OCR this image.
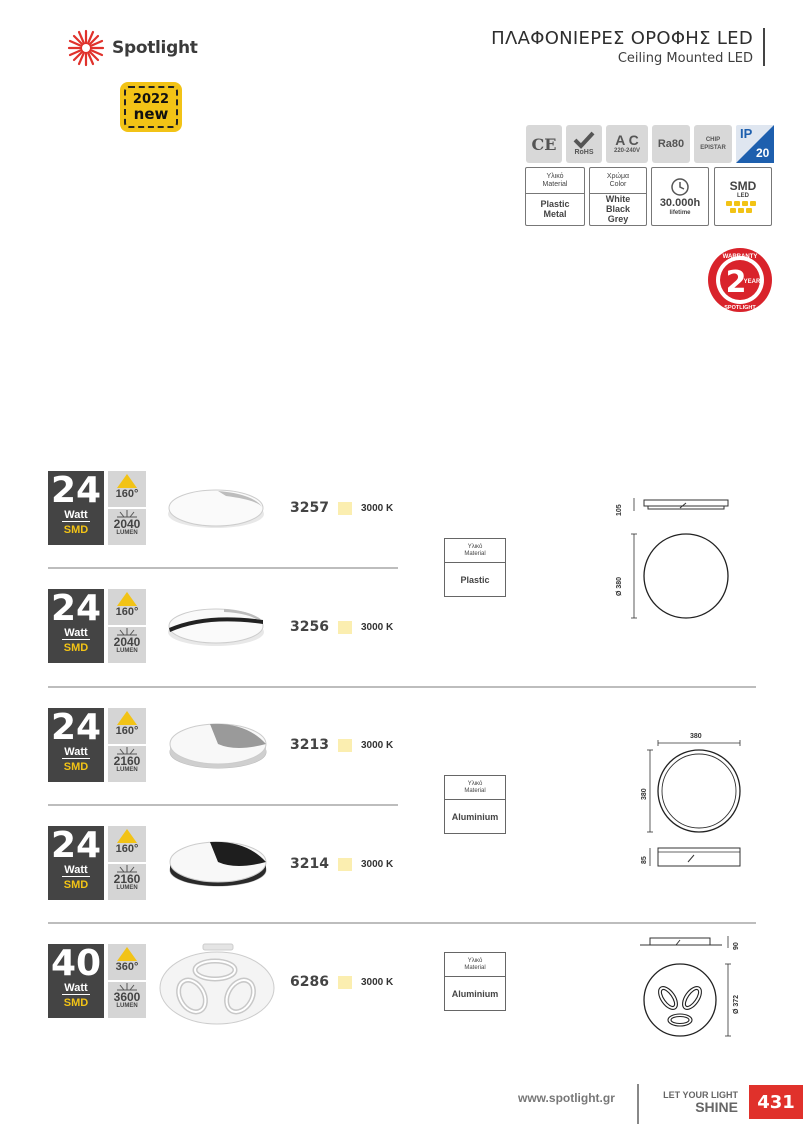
Spotlight
2022
new
ΠΛΑΦΟΝΙΕΡΕΣ ΟΡΟΦΗΣ LED
Ceiling Mounted LED
CE	RoHS
A C
220-240V
Ra80	CHIP
EPISTAR
IP
20
Υλικό
Material
Plastic
Metal
Χρώμα
Color
White
Black
Grey
30.000h
lifetime
SMD
LED
WARRANTY
2
YEAR
SPOTLIGHT
24
Watt
SMD
160°
2040
LUMEN
3257	3000 K
24
Watt
SMD
160°
2040
LUMEN
3256	3000 K
Υλικό
Material
Plastic
105
Ø 380
24
Watt
SMD
160°
2160
LUMEN
3213	3000 K
24
Watt
SMD
160°
2160
LUMEN
3214	3000 K
Υλικό
Material
Aluminium
380
380
85
40
Watt
SMD
360°
3600
LUMEN
6286	3000 K
Υλικό
Material
Aluminium
90
Ø 372
www.spotlight.gr	LET YOUR LIGHT
SHINE	431
